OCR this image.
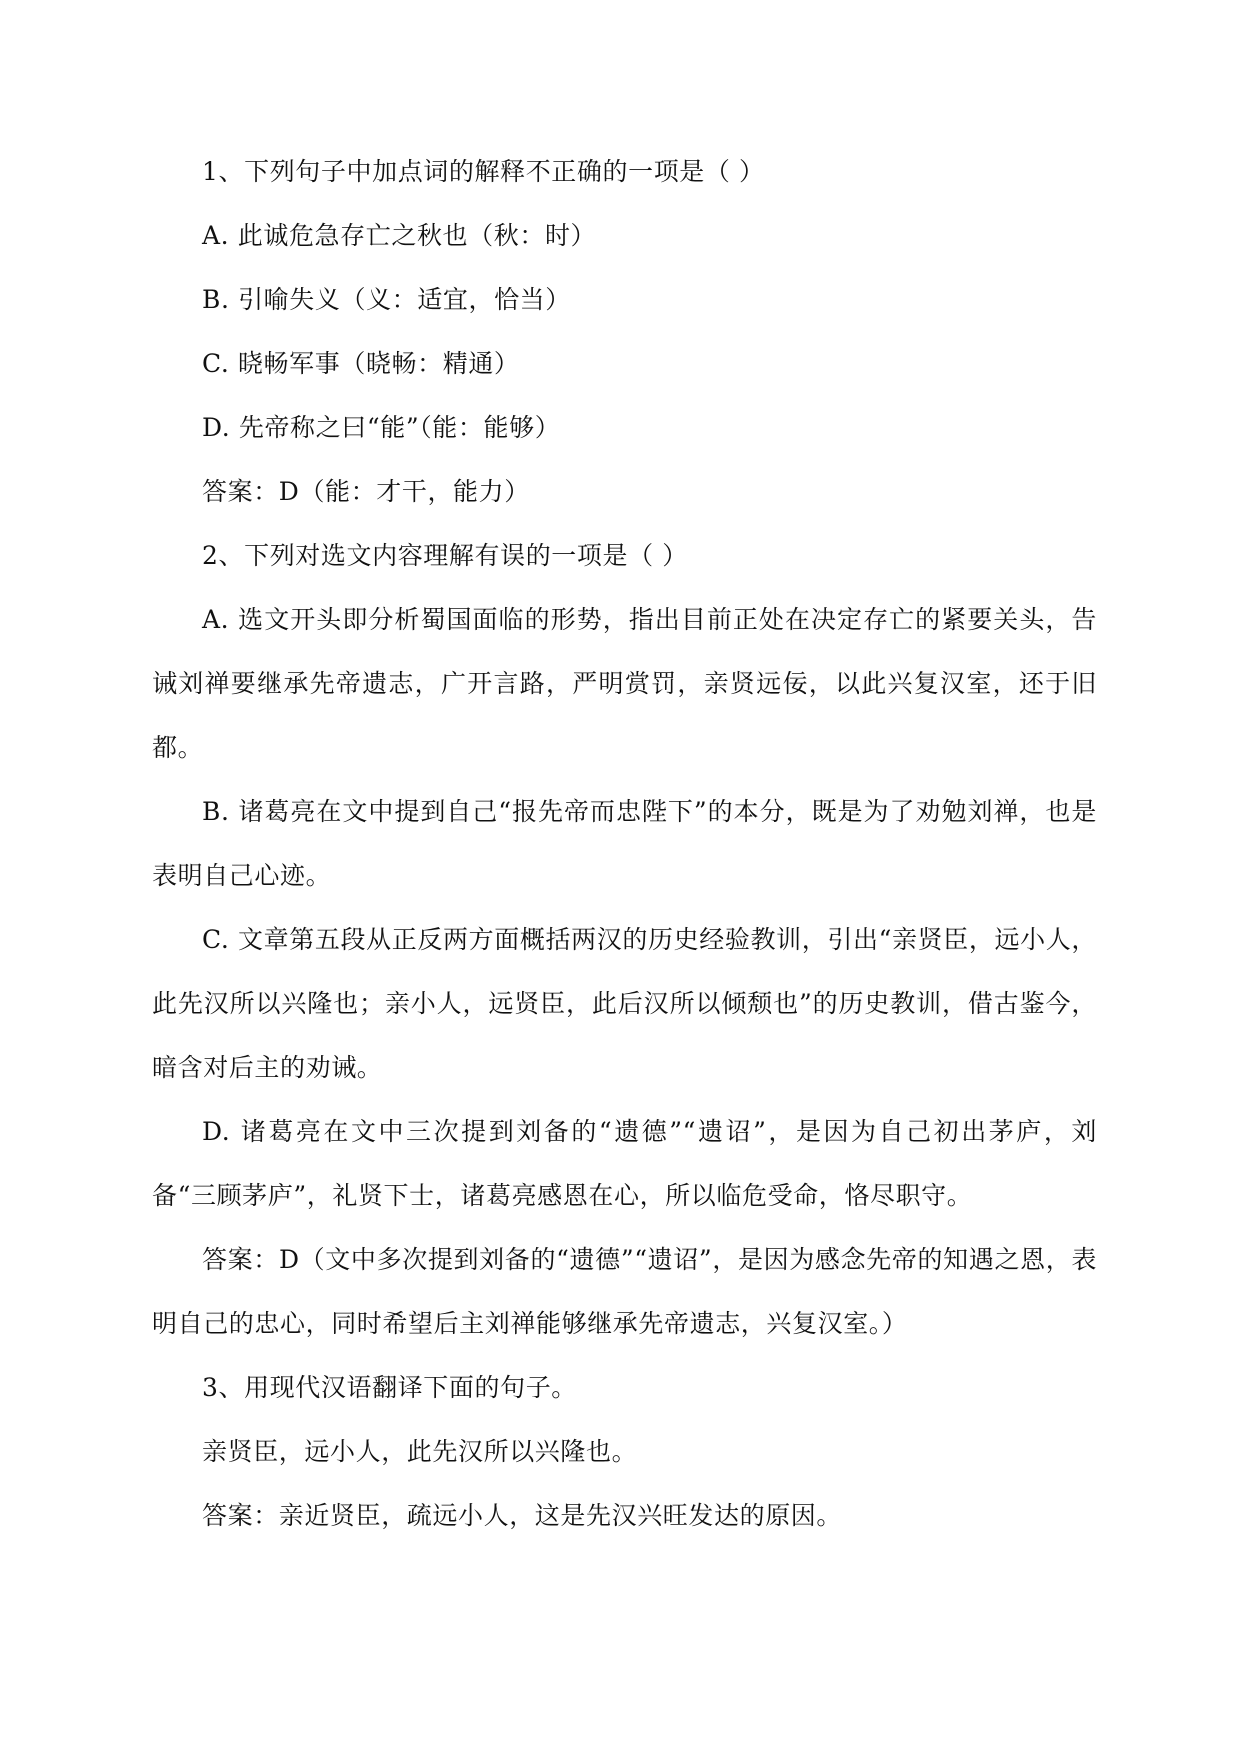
1、下列句子中加点词的解释不正确的一项是（ ）

A. 此诚危急存亡之秋也（秋：时）

B. 引喻失义（义：适宜，恰当）

C. 晓畅军事（晓畅：精通）

D. 先帝称之曰“能”（能：能够）

答案：D（能：才干，能力）

2、下列对选文内容理解有误的一项是（ ）

A. 选文开头即分析蜀国面临的形势，指出目前正处在决定存亡的紧要关头，告诫刘禅要继承先帝遗志，广开言路，严明赏罚，亲贤远佞，以此兴复汉室，还于旧都。

B. 诸葛亮在文中提到自己“报先帝而忠陛下”的本分，既是为了劝勉刘禅，也是表明自己心迹。

C. 文章第五段从正反两方面概括两汉的历史经验教训，引出“亲贤臣，远小人，此先汉所以兴隆也；亲小人，远贤臣，此后汉所以倾颓也”的历史教训，借古鉴今，暗含对后主的劝诫。

D. 诸葛亮在文中三次提到刘备的“遗德”“遗诏”，是因为自己初出茅庐，刘备“三顾茅庐”，礼贤下士，诸葛亮感恩在心，所以临危受命，恪尽职守。

答案：D（文中多次提到刘备的“遗德”“遗诏”，是因为感念先帝的知遇之恩，表明自己的忠心，同时希望后主刘禅能够继承先帝遗志，兴复汉室。）

3、用现代汉语翻译下面的句子。

亲贤臣，远小人，此先汉所以兴隆也。

答案：亲近贤臣，疏远小人，这是先汉兴旺发达的原因。
